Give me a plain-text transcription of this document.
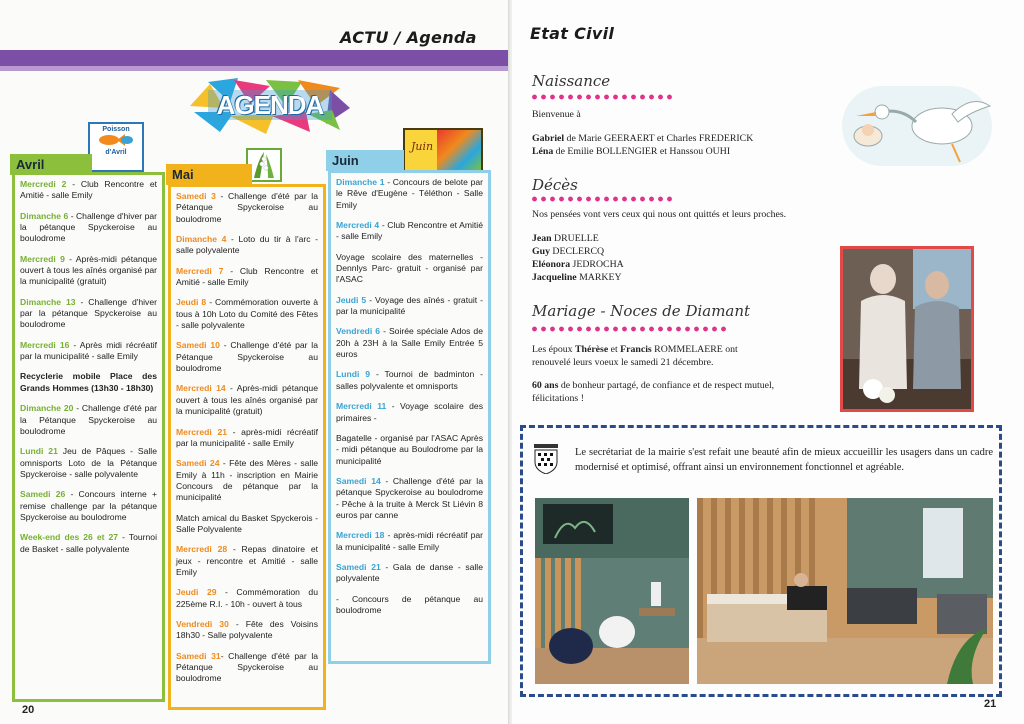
ACTU / Agenda
AGENDA
Poisson
d'Avril	Juin
Avril
Mai
Juin

Mercredi 2 - Club Rencontre et Amitié - salle Emily

Dimanche 6 - Challenge d'hiver par la pétanque Spyckeroise au boulodrome

Mercredi 9 - Après-midi pétanque ouvert à tous les aînés organisé par la municipalité (gratuit)

Dimanche 13 - Challenge d'hiver par la pétanque Spyckeroise au boulodrome

Mercredi 16 - Après midi récréatif par la municipalité - salle Emily

Recyclerie mobile Place des Grands Hommes (13h30 - 18h30)

Dimanche 20 - Challenge d'été par la Pétanque Spyckeroise au boulodrome

Lundi 21 Jeu de Pâques - Salle omnisports Loto de la Pétanque Spyckeroise - salle polyvalente

Samedi 26 - Concours interne + remise challenge par la pétanque Spyckeroise au boulodrome

Week-end des 26 et 27 - Tournoi de Basket - salle polyvalente

Samedi 3 - Challenge d'été par la Pétanque Spyckeroise au boulodrome

Dimanche 4 - Loto du tir à l'arc - salle polyvalente

Mercredi 7 - Club Rencontre et Amitié - salle Emily

Jeudi 8 - Commémoration ouverte à tous à 10h Loto du Comité des Fêtes - salle polyvalente

Samedi 10 - Challenge d'été par la Pétanque Spyckeroise au boulodrome

Mercredi 14 - Après-midi pétanque ouvert à tous les aînés organisé par la municipalité (gratuit)

Mercredi 21 - après-midi récréatif par la municipalité - salle Emily

Samedi 24 - Fête des Mères - salle Emily à 11h - inscription en Mairie Concours de pétanque par la municipalité

Match amical du Basket Spyckerois - Salle Polyvalente

Mercredi 28 - Repas dinatoire et jeux - rencontre et Amitié - salle Emily

Jeudi 29 - Commémoration du 225ème R.I. - 10h - ouvert à tous

Vendredi 30 - Fête des Voisins 18h30 - Salle polyvalente

Samedi 31- Challenge d'été par la Pétanque Spyckeroise au boulodrome

Dimanche 1 - Concours de belote par le Rêve d'Eugène - Téléthon - Salle Emily

Mercredi 4 - Club Rencontre et Amitié - salle Emily

Voyage scolaire des maternelles - Dennlys Parc- gratuit - organisé par l'ASAC

Jeudi 5 - Voyage des aînés - gratuit - par la municipalité

Vendredi 6 - Soirée spéciale Ados de 20h à 23H à la Salle Emily Entrée 5 euros

Lundi 9 - Tournoi de badminton - salles polyvalente et omnisports

Mercredi 11 - Voyage scolaire des primaires -

Bagatelle - organisé par l'ASAC Après - midi pétanque au Boulodrome par la municipalité

Samedi 14 - Challenge d'été par la pétanque Spyckeroise au boulodrome - Pêche à la truite à Merck St Liévin 8 euros par canne

Mercredi 18 - après-midi récréatif par la municipalité - salle Emily

Samedi 21 - Gala de danse - salle polyvalente

- Concours de pétanque au boulodrome

20
Etat Civil
Naissance
Bienvenue à
Gabriel de Marie GEERAERT et Charles FREDERICK
Léna de Emilie BOLLENGIER et Hanssou OUHI
Décès
Nos pensées vont vers ceux qui nous ont quittés et leurs proches.
Jean DRUELLE
Guy DECLERCQ
Eléonora JEDROCHA
Jacqueline MARKEY
Mariage - Noces de Diamant
Les époux Thérèse et Francis ROMMELAERE ont renouvelé leurs voeux le samedi 21 décembre.
60 ans de bonheur partagé, de confiance et de respect mutuel, félicitations !
21
Le secrétariat de la mairie s'est refait une beauté afin de mieux accueillir les usagers dans un cadre modernisé et optimisé, offrant ainsi un environnement fonctionnel et agréable.
